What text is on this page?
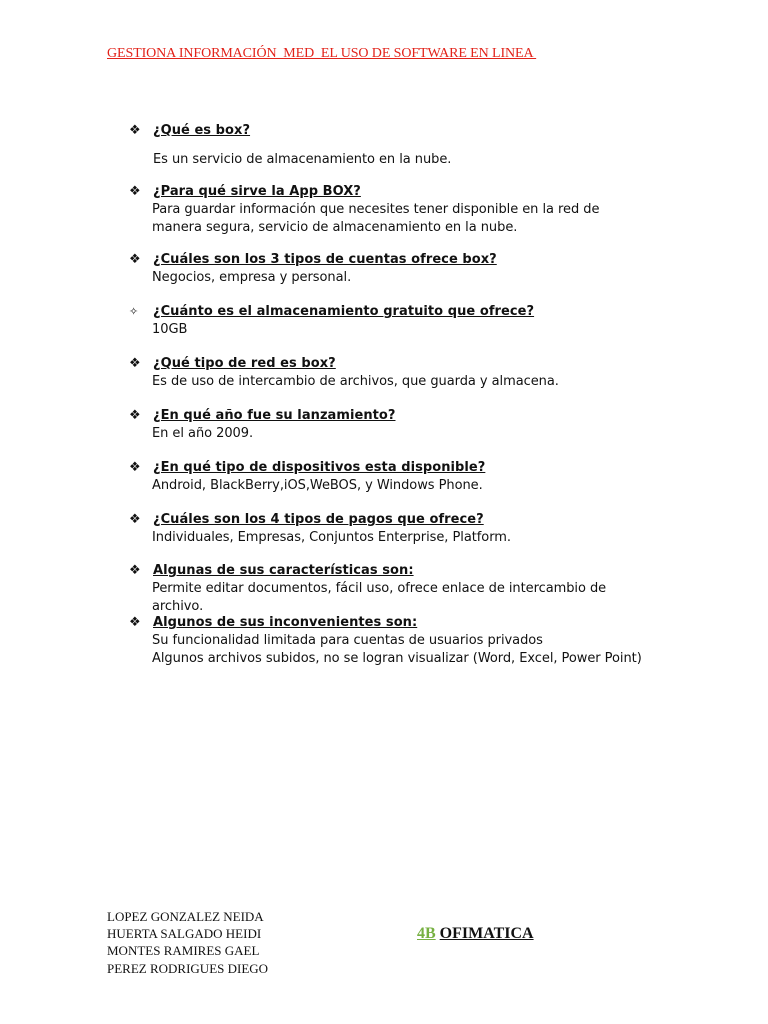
GESTIONA INFORMACIÓN  MED  EL USO DE SOFTWARE EN LINEA
❖ ¿Qué es box?

Es un servicio de almacenamiento en la nube.

❖ ¿Para qué sirve la App BOX?

Para guardar información que necesites tener disponible en la red de manera segura, servicio de almacenamiento en la nube.

❖ ¿Cuáles son los 3 tipos de cuentas ofrece box?

Negocios, empresa y personal.

✧	¿Cuánto es el almacenamiento gratuito que ofrece?

10GB

❖ ¿Qué tipo de red es box?

Es de uso de intercambio de archivos, que guarda y almacena.

❖ ¿En qué año fue su lanzamiento?

En el año 2009.

❖ ¿En qué tipo de dispositivos esta disponible?

Android, BlackBerry,iOS,WeBOS, y Windows Phone.

❖ ¿Cuáles son los 4 tipos de pagos que ofrece?

Individuales, Empresas, Conjuntos Enterprise, Platform.

❖ Algunas de sus características son:

Permite editar documentos, fácil uso, ofrece enlace de intercambio de archivo.

❖ Algunos de sus inconvenientes son:

Su funcionalidad limitada para cuentas de usuarios privados

Algunos archivos subidos, no se logran visualizar (Word, Excel, Power Point)

LOPEZ GONZALEZ NEIDA
HUERTA SALGADO HEIDI
MONTES RAMIRES GAEL
PEREZ RODRIGUES DIEGO
4B OFIMATICA
